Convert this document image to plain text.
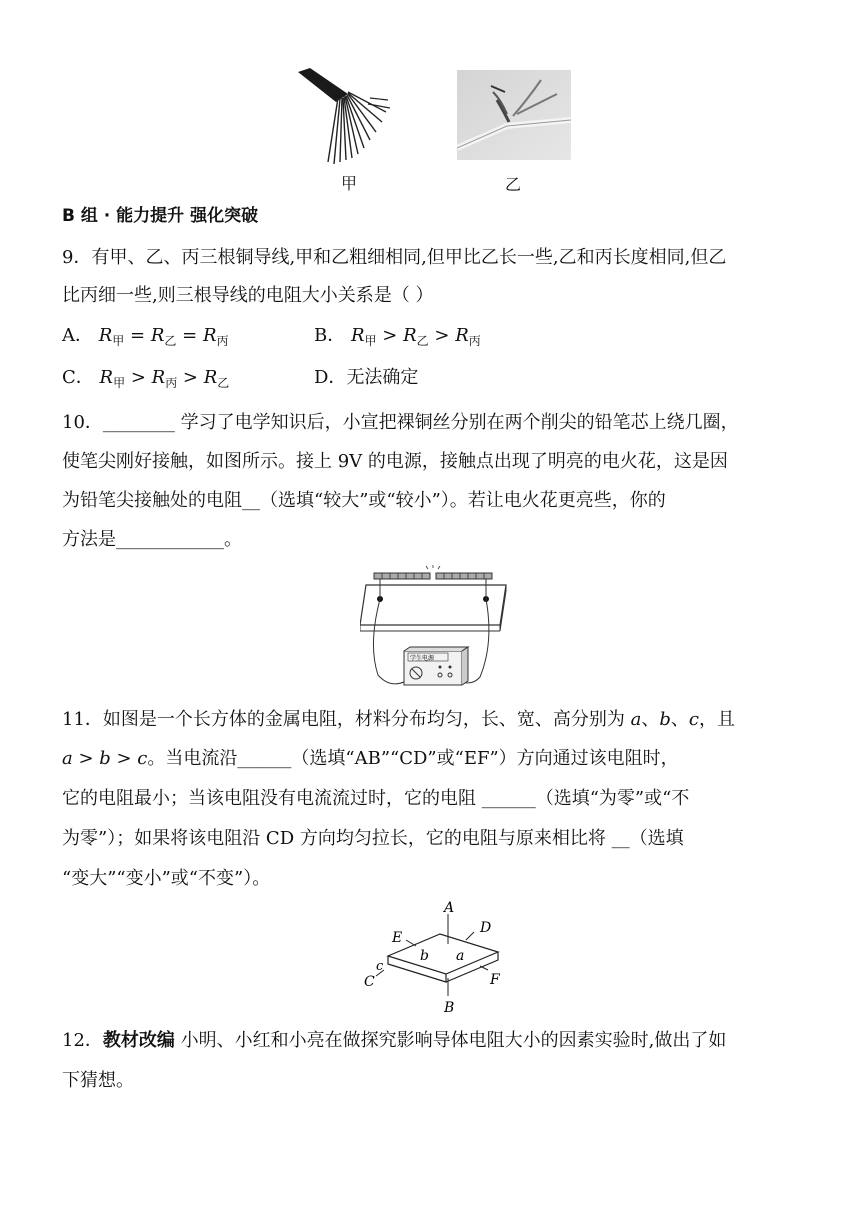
甲	乙
B 组 · 能力提升 强化突破
9．有甲、乙、丙三根铜导线,甲和乙粗细相同,但甲比乙长一些,乙和丙长度相同,但乙
比丙细一些,则三根导线的电阻大小关系是（ ）
A． $R_甲 = R_乙 = R_丙$	B． $R_甲 > R_乙 > R_丙$
C． $R_甲 > R_丙 > R_乙$	D．无法确定
10．________ 学习了电学知识后，小宣把裸铜丝分别在两个削尖的铅笔芯上绕几圈，
使笔尖刚好接触，如图所示。接上 9V 的电源，接触点出现了明亮的电火花，这是因
为铅笔尖接触处的电阻__（选填“较大”或“较小”）。若让电火花更亮些，你的
方法是____________。
学生电源
11．如图是一个长方体的金属电阻，材料分布均匀，长、宽、高分别为 a、b、c，且
a > b > c。当电流沿______（选填“AB”“CD”或“EF”）方向通过该电阻时，
它的电阻最小；当该电阻没有电流流过时，它的电阻 ______（选填“为零”或“不
为零”）；如果将该电阻沿 CD 方向均匀拉长，它的电阻与原来相比将 __（选填
“变大”“变小”或“不变”）。
A
B
C
D
E
F
a
b
c
12．教材改编 小明、小红和小亮在做探究影响导体电阻大小的因素实验时,做出了如
下猜想。
